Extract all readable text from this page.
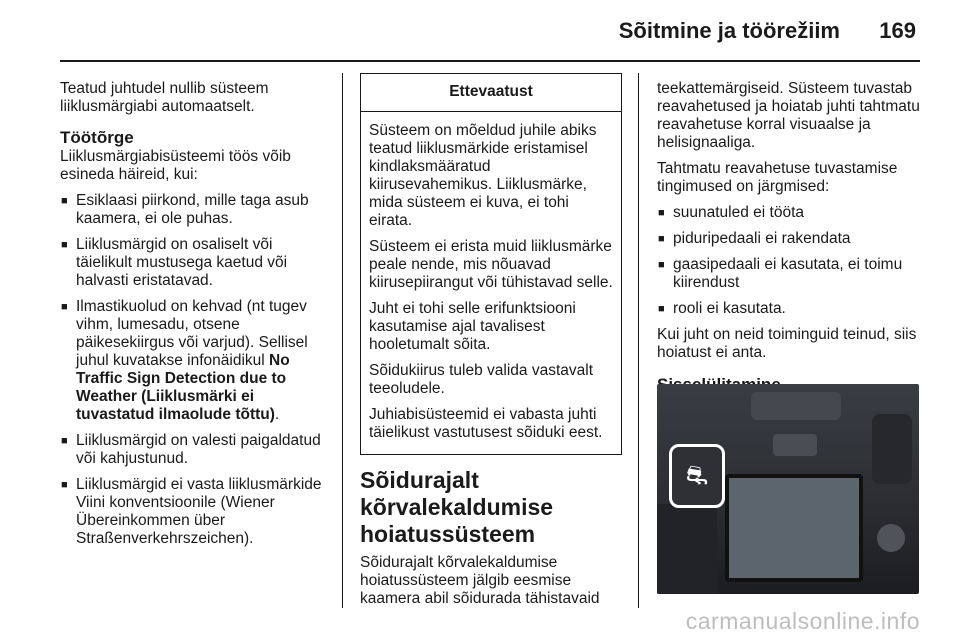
Sõitmine ja töörežiim 169

Teatud juhtudel nullib süsteem liiklusmärgiabi automaatselt.

Töötõrge

Liiklusmärgiabisüsteemi töös võib esineda häireid, kui:

■ Esiklaasi piirkond, mille taga asub kaamera, ei ole puhas.
■ Liiklusmärgid on osaliselt või täielikult mustusega kaetud või halvasti eristatavad.
■ Ilmastikuolud on kehvad (nt tugev vihm, lumesadu, otsene päikesekiirgus või varjud). Sellisel juhul kuvatakse infonäidikul No Traffic Sign Detection due to Weather (Liiklusmärki ei tuvastatud ilmaolude tõttu).
■ Liiklusmärgid on valesti paigaldatud või kahjustunud.
■ Liiklusmärgid ei vasta liiklusmärkide Viini konventsioonile (Wiener Übereinkommen über Straßenverkehrszeichen).
Ettevaatust

Süsteem on mõeldud juhile abiks teatud liiklusmärkide eristamisel kindlaksmääratud kiirusevahemikus. Liiklusmärke, mida süsteem ei kuva, ei tohi eirata.

Süsteem ei erista muid liiklusmärke peale nende, mis nõuavad kiirusepiirangut või tühistavad selle.

Juht ei tohi selle erifunktsiooni kasutamise ajal tavalisest hooletumalt sõita.

Sõidukiirus tuleb valida vastavalt teeoludele.

Juhiabisüsteemid ei vabasta juhti täielikust vastutusest sõiduki eest.

Sõidurajalt kõrvalekaldumise hoiatussüsteem

Sõidurajalt kõrvalekaldumise hoiatussüsteem jälgib eesmise kaamera abil sõidurada tähistavaid

teekattemärgiseid. Süsteem tuvastab reavahetused ja hoiatab juhti tahtmatu reavahetuse korral visuaalse ja helisignaaliga.

Tahtmatu reavahetuse tuvastamise tingimused on järgmised:

■ suunatuled ei tööta
■ piduripedaali ei rakendata
■ gaasipedaali ei kasutata, ei toimu kiirendust
■ rooli ei kasutata.

Kui juht on neid toiminguid teinud, siis hoiatust ei anta.

⛐
carmanualsonline.info
